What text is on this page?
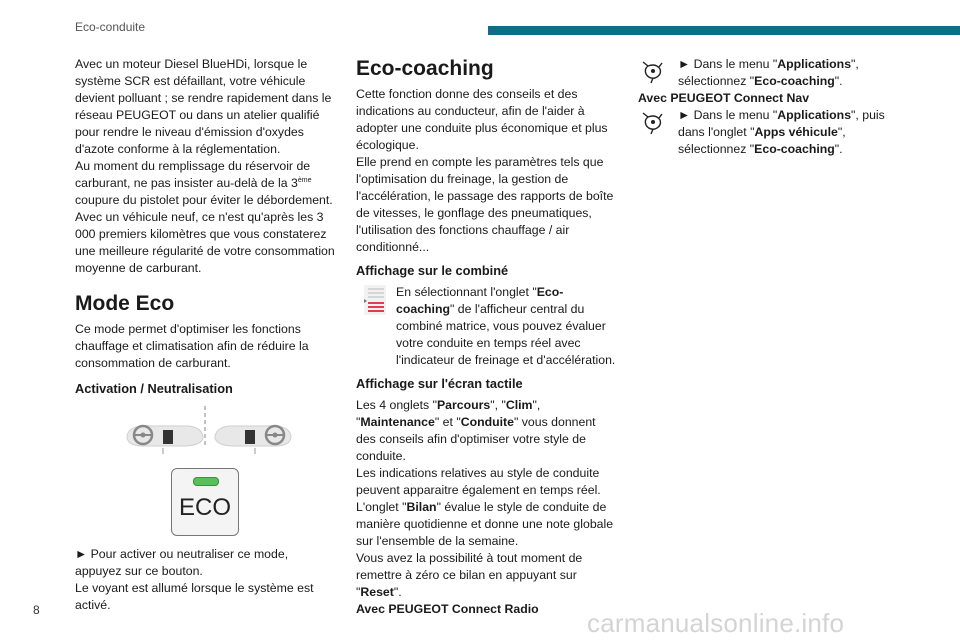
Eco-conduite

Avec un moteur Diesel BlueHDi, lorsque le système SCR est défaillant, votre véhicule devient polluant ; se rendre rapidement dans le réseau PEUGEOT ou dans un atelier qualifié pour rendre le niveau d'émission d'oxydes d'azote conforme à la réglementation.

Au moment du remplissage du réservoir de carburant, ne pas insister au-delà de la 3ème coupure du pistolet pour éviter le débordement.

Avec un véhicule neuf, ce n'est qu'après les 3 000 premiers kilomètres que vous constaterez une meilleure régularité de votre consommation moyenne de carburant.

Mode Eco

Ce mode permet d'optimiser les fonctions chauffage et climatisation afin de réduire la consommation de carburant.

Activation / Neutralisation
ECO

► Pour activer ou neutraliser ce mode, appuyez sur ce bouton.

Le voyant est allumé lorsque le système est activé.

Eco-coaching

Cette fonction donne des conseils et des indications au conducteur, afin de l'aider à adopter une conduite plus économique et plus écologique.

Elle prend en compte les paramètres tels que l'optimisation du freinage, la gestion de l'accélération, le passage des rapports de boîte de vitesses, le gonflage des pneumatiques, l'utilisation des fonctions chauffage / air conditionné...

Affichage sur le combiné

En sélectionnant l'onglet "Eco-coaching" de l'afficheur central du combiné matrice, vous pouvez évaluer votre conduite en temps réel avec l'indicateur de freinage et d'accélération.

Affichage sur l'écran tactile

Les 4 onglets "Parcours", "Clim", "Maintenance" et "Conduite" vous donnent des conseils afin d'optimiser votre style de conduite.

Les indications relatives au style de conduite peuvent apparaitre également en temps réel.

L'onglet "Bilan" évalue le style de conduite de manière quotidienne et donne une note globale sur l'ensemble de la semaine.

Vous avez la possibilité à tout moment de remettre à zéro ce bilan en appuyant sur "Reset".

Avec PEUGEOT Connect Radio

► Dans le menu "Applications", sélectionnez "Eco-coaching".

Avec PEUGEOT Connect Nav

► Dans le menu "Applications", puis dans l'onglet "Apps véhicule", sélectionnez "Eco-coaching".

8	carmanualsonline.info
